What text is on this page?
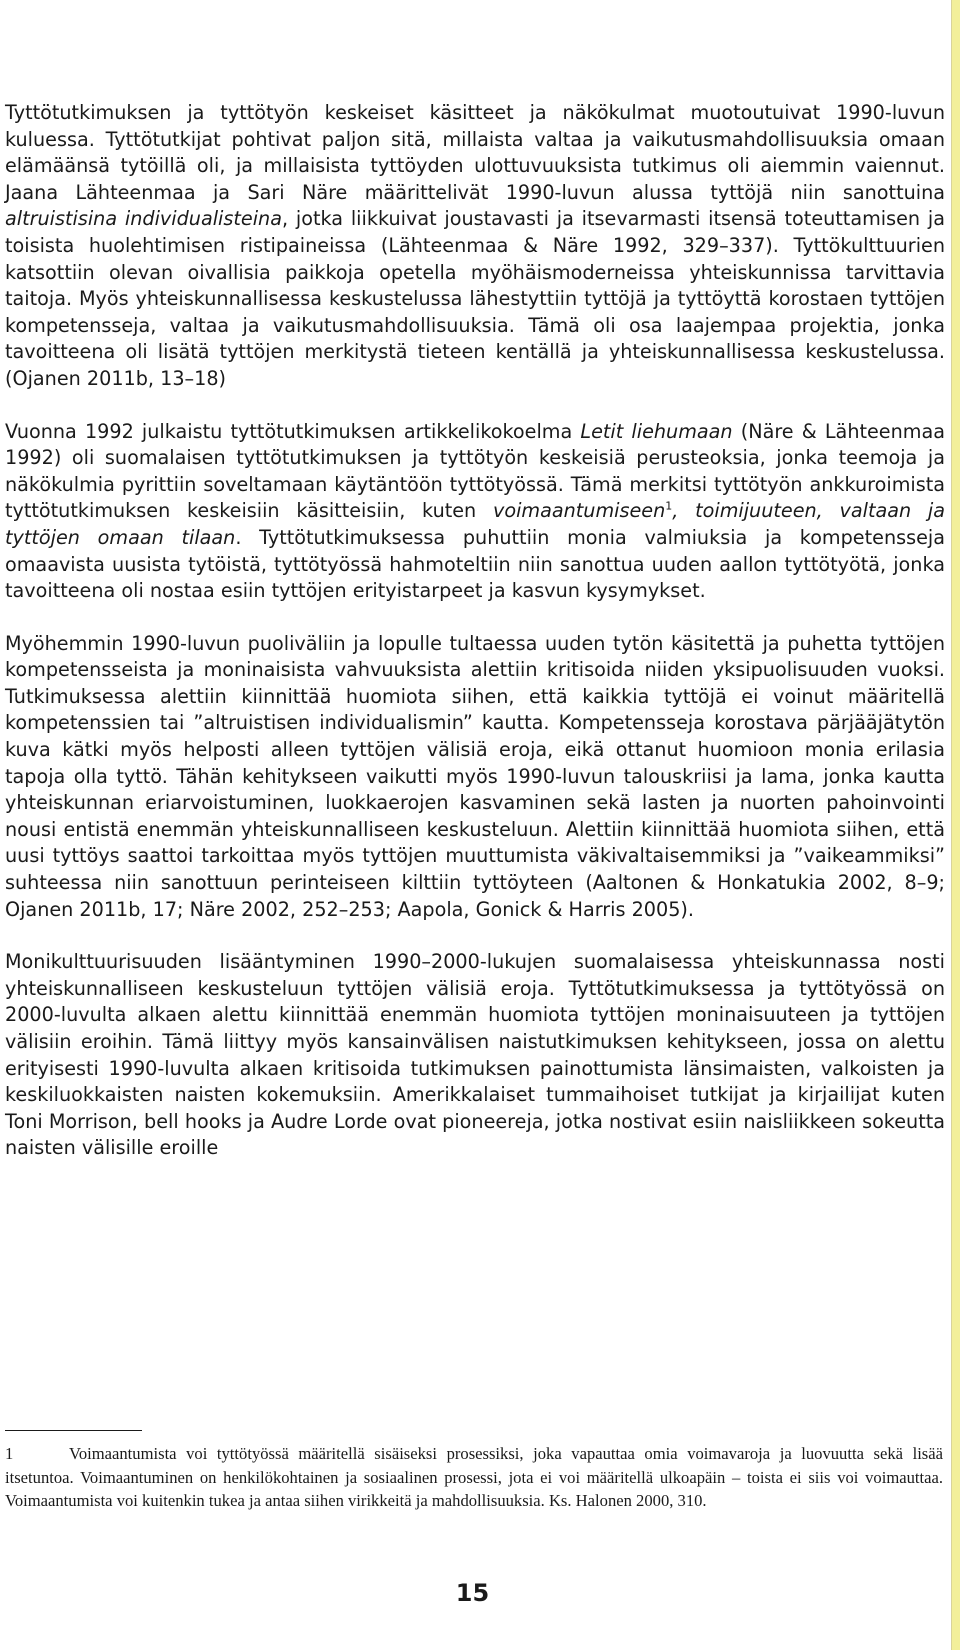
Tyttötutkimuksen ja tyttötyön keskeiset käsitteet ja näkökulmat muotoutuivat 1990-luvun kuluessa. Tyttötutkijat pohtivat paljon sitä, millaista valtaa ja vaikutusmahdollisuuksia omaan elämäänsä tytöillä oli, ja millaisista tyttöyden ulottuvuuksista tutkimus oli aiemmin vaiennut. Jaana Lähteenmaa ja Sari Näre määrittelivät 1990-luvun alussa tyttöjä niin sanottuina altruistisina individualisteina, jotka liikkuivat joustavasti ja itsevarmasti itsensä toteuttamisen ja toisista huolehtimisen ristipaineissa (Lähteenmaa & Näre 1992, 329–337). Tyttökulttuurien katsottiin olevan oivallisia paikkoja opetella myöhäismoderneissa yhteiskunnissa tarvittavia taitoja. Myös yhteiskunnallisessa keskustelussa lähestyttiin tyttöjä ja tyttöyttä korostaen tyttöjen kompetensseja, valtaa ja vaikutusmahdollisuuksia. Tämä oli osa laajempaa projektia, jonka tavoitteena oli lisätä tyttöjen merkitystä tieteen kentällä ja yhteiskunnallisessa keskustelussa. (Ojanen 2011b, 13–18)

Vuonna 1992 julkaistu tyttötutkimuksen artikkelikokoelma Letit liehumaan (Näre & Lähteenmaa 1992) oli suomalaisen tyttötutkimuksen ja tyttötyön keskeisiä perusteoksia, jonka teemoja ja näkökulmia pyrittiin soveltamaan käytäntöön tyttötyössä. Tämä merkitsi tyttötyön ankkuroimista tyttötutkimuksen keskeisiin käsitteisiin, kuten voimaantumiseen$^1$, toimijuuteen, valtaan ja tyttöjen omaan tilaan. Tyttötutkimuksessa puhuttiin monia valmiuksia ja kompetensseja omaavista uusista tytöistä, tyttötyössä hahmoteltiin niin sanottua uuden aallon tyttötyötä, jonka tavoitteena oli nostaa esiin tyttöjen erityistarpeet ja kasvun kysymykset.

Myöhemmin 1990-luvun puoliväliin ja lopulle tultaessa uuden tytön käsitettä ja puhetta tyttöjen kompetensseista ja moninaisista vahvuuksista alettiin kritisoida niiden yksipuolisuuden vuoksi. Tutkimuksessa alettiin kiinnittää huomiota siihen, että kaikkia tyttöjä ei voinut määritellä kompetenssien tai ”altruistisen individualismin” kautta. Kompetensseja korostava pärjääjätytön kuva kätki myös helposti alleen tyttöjen välisiä eroja, eikä ottanut huomioon monia erilasia tapoja olla tyttö. Tähän kehitykseen vaikutti myös 1990-luvun talouskriisi ja lama, jonka kautta yhteiskunnan eriarvoistuminen, luokkaerojen kasvaminen sekä lasten ja nuorten pahoinvointi nousi entistä enemmän yhteiskunnalliseen keskusteluun. Alettiin kiinnittää huomiota siihen, että uusi tyttöys saattoi tarkoittaa myös tyttöjen muuttumista väkivaltaisemmiksi ja ”vaikeammiksi” suhteessa niin sanottuun perinteiseen kilttiin tyttöyteen (Aaltonen & Honkatukia 2002, 8–9; Ojanen 2011b, 17; Näre 2002, 252–253; Aapola, Gonick & Harris 2005).

Monikulttuurisuuden lisääntyminen 1990–2000-lukujen suomalaisessa yhteiskunnassa nosti yhteiskunnalliseen keskusteluun tyttöjen välisiä eroja. Tyttötutkimuksessa ja tyttötyössä on 2000-luvulta alkaen alettu kiinnittää enemmän huomiota tyttöjen moninaisuuteen ja tyttöjen välisiin eroihin. Tämä liittyy myös kansainvälisen naistutkimuksen kehitykseen, jossa on alettu erityisesti 1990-luvulta alkaen kritisoida tutkimuksen painottumista länsimaisten, valkoisten ja keskiluokkaisten naisten kokemuksiin. Amerikkalaiset tummaihoiset tutkijat ja kirjailijat kuten Toni Morrison, bell hooks ja Audre Lorde ovat pioneereja, jotka nostivat esiin naisliikkeen sokeutta naisten välisille eroille

1	Voimaantumista voi tyttötyössä määritellä sisäiseksi prosessiksi, joka vapauttaa omia voimavaroja ja luovuutta sekä lisää itsetuntoa. Voimaantuminen on henkilökohtainen ja sosiaalinen prosessi, jota ei voi määritellä ulkoapäin – toista ei siis voi voimauttaa. Voimaantumista voi kuitenkin tukea ja antaa siihen virikkeitä ja mahdollisuuksia. Ks. Halonen 2000, 310.
15
